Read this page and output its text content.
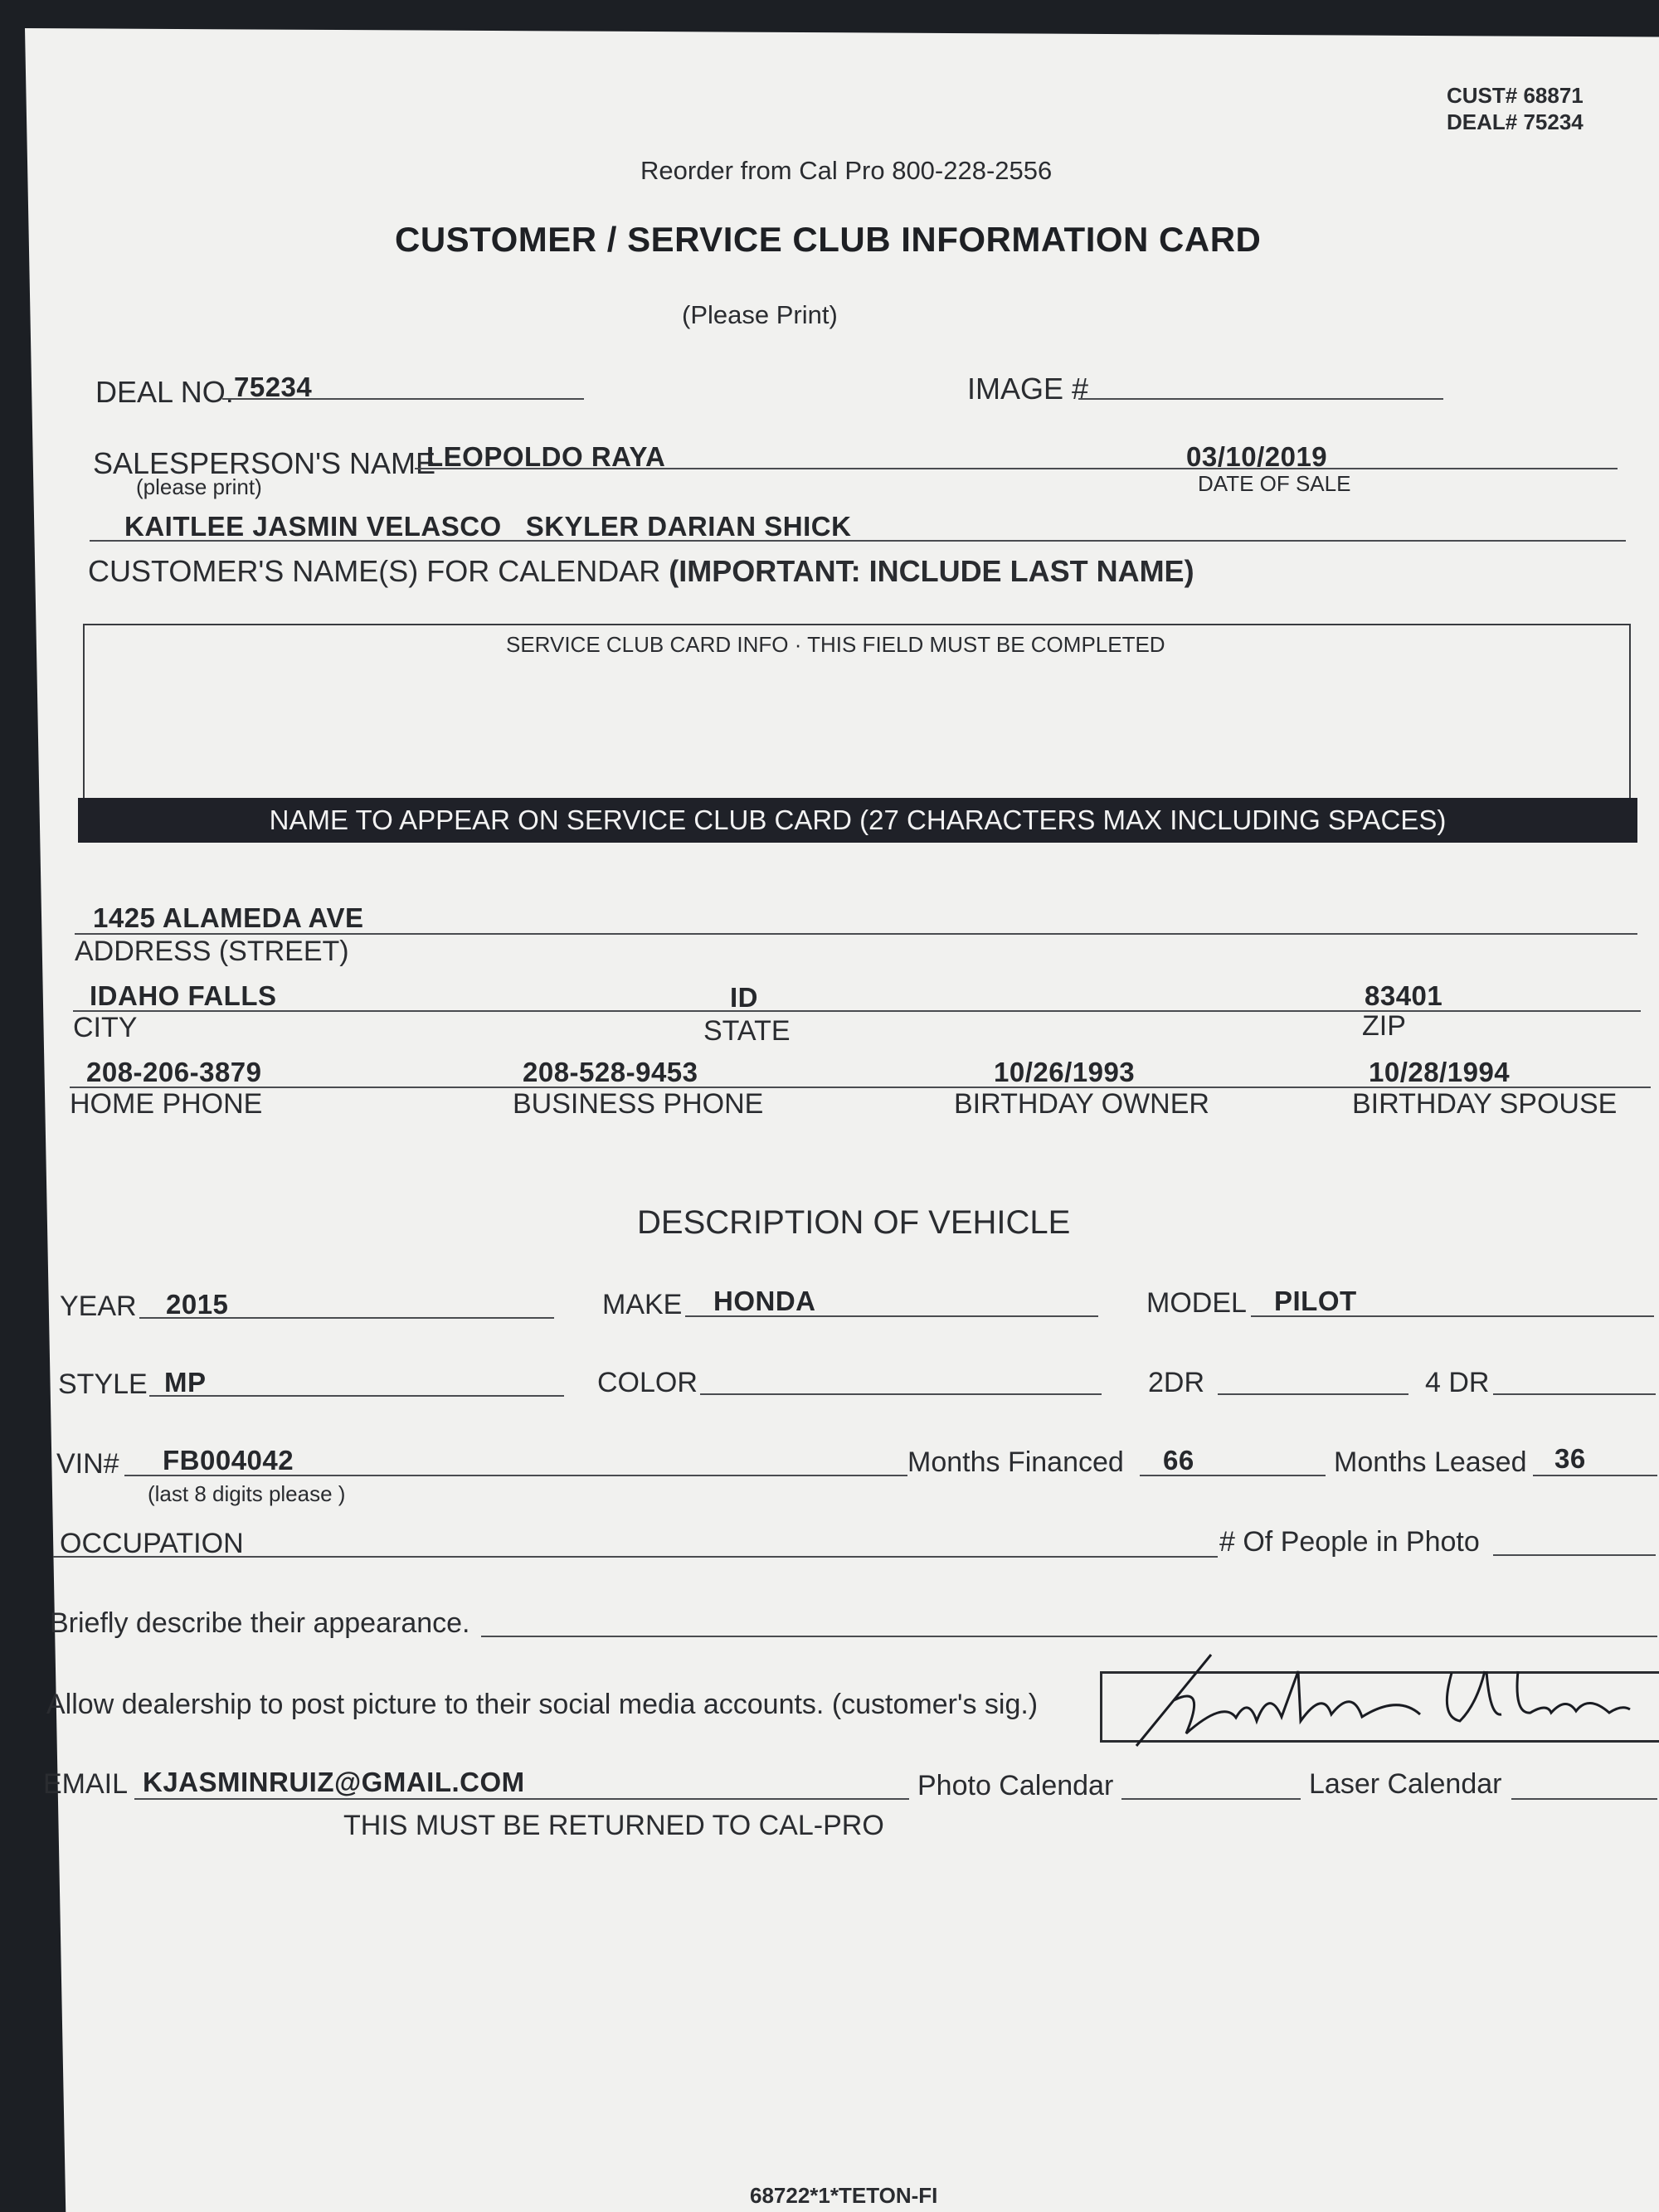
CUST# 68871
DEAL# 75234
Reorder from Cal Pro 800-228-2556
CUSTOMER / SERVICE CLUB INFORMATION CARD
(Please Print)
DEAL NO. 75234	IMAGE #
SALESPERSON'S NAME
(please print)
LEOPOLDO RAYA	03/10/2019
DATE OF SALE
KAITLEE JASMIN VELASCO   SKYLER DARIAN SHICK
CUSTOMER'S NAME(S) FOR CALENDAR (IMPORTANT: INCLUDE LAST NAME)
SERVICE CLUB CARD INFO · THIS FIELD MUST BE COMPLETED
NAME TO APPEAR ON SERVICE CLUB CARD (27 CHARACTERS MAX INCLUDING SPACES)
1425 ALAMEDA AVE
ADDRESS (STREET)
IDAHO FALLS	ID	83401
CITY	STATE	ZIP
208-206-3879	208-528-9453	10/26/1993	10/28/1994
HOME PHONE	BUSINESS PHONE	BIRTHDAY OWNER	BIRTHDAY SPOUSE
DESCRIPTION OF VEHICLE
YEAR 2015	MAKE HONDA	MODEL PILOT
STYLE MP	COLOR	2DR	4 DR
VIN# FB004042
(last 8 digits please )
Months Financed 66	Months Leased 36
OCCUPATION	# Of People in Photo
Briefly describe their appearance.
Allow dealership to post picture to their social media accounts. (customer's sig.)
EMAIL KJASMINRUIZ@GMAIL.COM	Photo Calendar	Laser Calendar
THIS MUST BE RETURNED TO CAL-PRO
68722*1*TETON-FI
